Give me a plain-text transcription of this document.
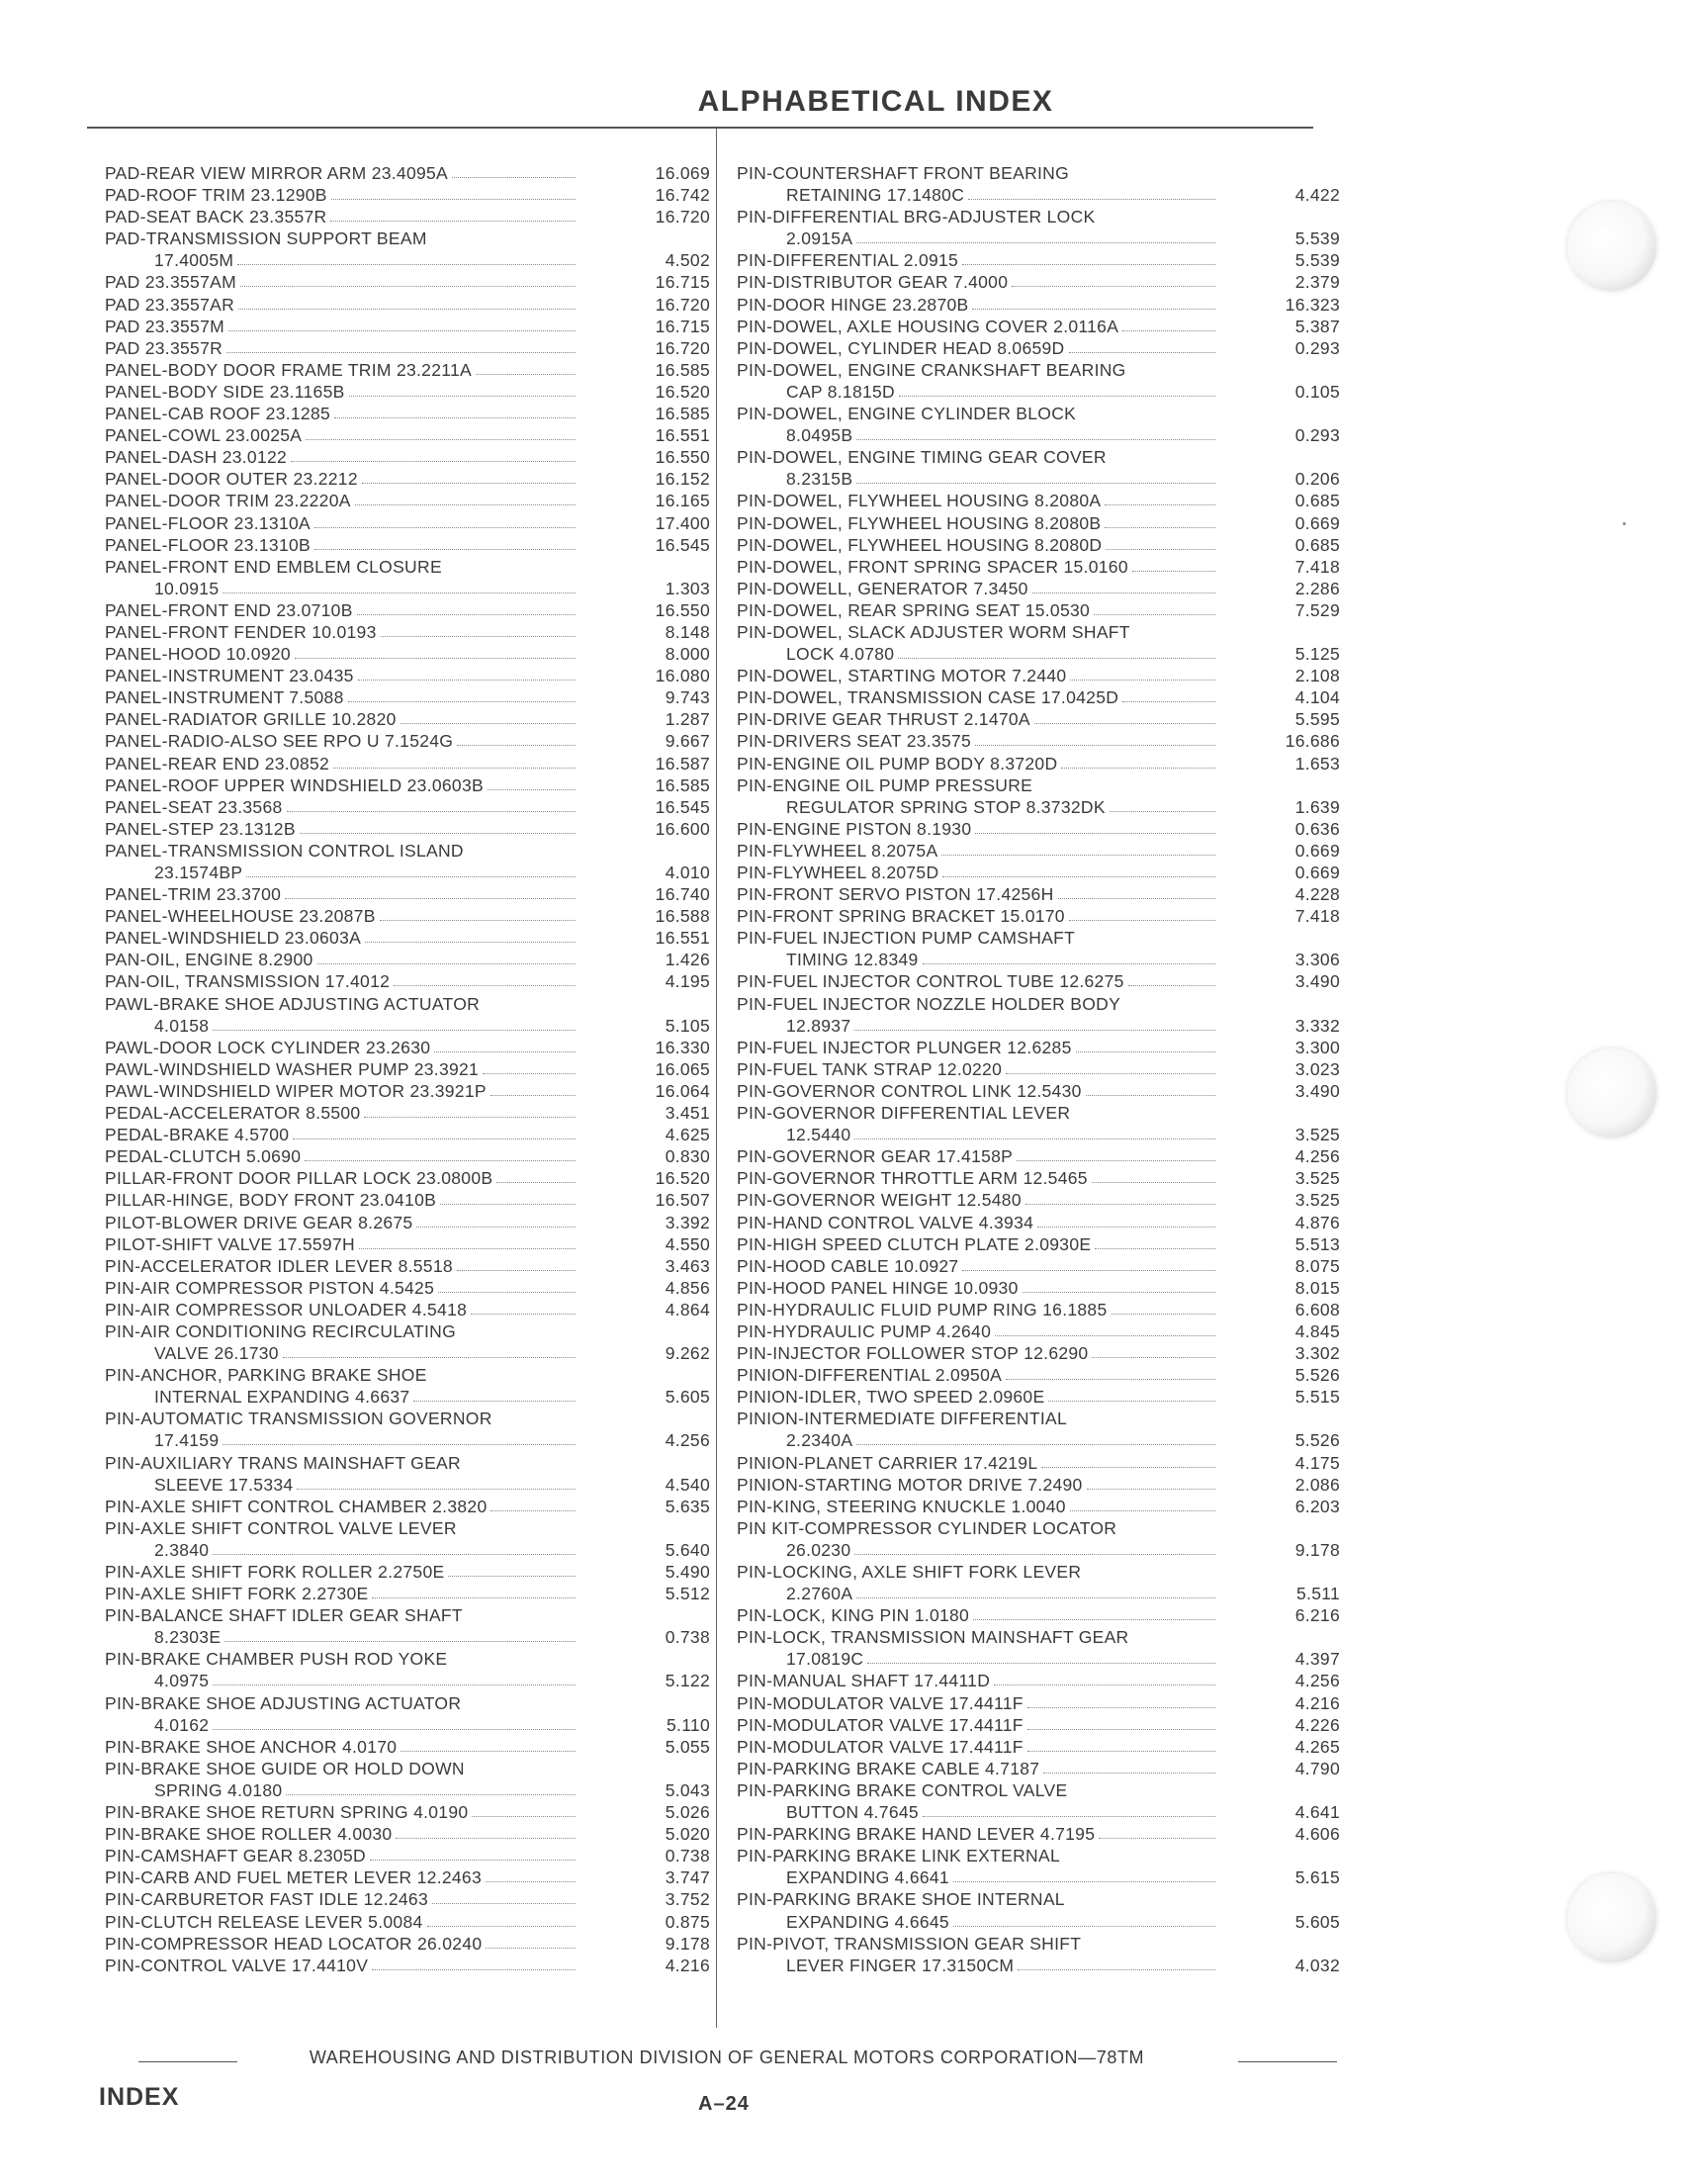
ALPHABETICAL INDEX
PAD-REAR VIEW MIRROR ARM 23.4095A	16.069
PAD-ROOF TRIM 23.1290B	16.742
PAD-SEAT BACK 23.3557R	16.720
PAD-TRANSMISSION SUPPORT BEAM
17.4005M	4.502
PAD 23.3557AM	16.715
PAD 23.3557AR	16.720
PAD 23.3557M	16.715
PAD 23.3557R	16.720
PANEL-BODY DOOR FRAME TRIM 23.2211A	16.585
PANEL-BODY SIDE 23.1165B	16.520
PANEL-CAB ROOF 23.1285	16.585
PANEL-COWL 23.0025A	16.551
PANEL-DASH 23.0122	16.550
PANEL-DOOR OUTER 23.2212	16.152
PANEL-DOOR TRIM 23.2220A	16.165
PANEL-FLOOR 23.1310A	17.400
PANEL-FLOOR 23.1310B	16.545
PANEL-FRONT END EMBLEM CLOSURE
10.0915	1.303
PANEL-FRONT END 23.0710B	16.550
PANEL-FRONT FENDER 10.0193	8.148
PANEL-HOOD 10.0920	8.000
PANEL-INSTRUMENT 23.0435	16.080
PANEL-INSTRUMENT 7.5088	9.743
PANEL-RADIATOR GRILLE 10.2820	1.287
PANEL-RADIO-ALSO SEE RPO U 7.1524G	9.667
PANEL-REAR END 23.0852	16.587
PANEL-ROOF UPPER WINDSHIELD 23.0603B	16.585
PANEL-SEAT 23.3568	16.545
PANEL-STEP 23.1312B	16.600
PANEL-TRANSMISSION CONTROL ISLAND
23.1574BP	4.010
PANEL-TRIM 23.3700	16.740
PANEL-WHEELHOUSE 23.2087B	16.588
PANEL-WINDSHIELD 23.0603A	16.551
PAN-OIL, ENGINE 8.2900	1.426
PAN-OIL, TRANSMISSION 17.4012	4.195
PAWL-BRAKE SHOE ADJUSTING ACTUATOR
4.0158	5.105
PAWL-DOOR LOCK CYLINDER 23.2630	16.330
PAWL-WINDSHIELD WASHER PUMP 23.3921	16.065
PAWL-WINDSHIELD WIPER MOTOR 23.3921P	16.064
PEDAL-ACCELERATOR 8.5500	3.451
PEDAL-BRAKE 4.5700	4.625
PEDAL-CLUTCH 5.0690	0.830
PILLAR-FRONT DOOR PILLAR LOCK 23.0800B	16.520
PILLAR-HINGE, BODY FRONT 23.0410B	16.507
PILOT-BLOWER DRIVE GEAR 8.2675	3.392
PILOT-SHIFT VALVE 17.5597H	4.550
PIN-ACCELERATOR IDLER LEVER 8.5518	3.463
PIN-AIR COMPRESSOR PISTON 4.5425	4.856
PIN-AIR COMPRESSOR UNLOADER 4.5418	4.864
PIN-AIR CONDITIONING RECIRCULATING
VALVE 26.1730	9.262
PIN-ANCHOR, PARKING BRAKE SHOE
INTERNAL EXPANDING 4.6637	5.605
PIN-AUTOMATIC TRANSMISSION GOVERNOR
17.4159	4.256
PIN-AUXILIARY TRANS MAINSHAFT GEAR
SLEEVE 17.5334	4.540
PIN-AXLE SHIFT CONTROL CHAMBER 2.3820	5.635
PIN-AXLE SHIFT CONTROL VALVE LEVER
2.3840	5.640
PIN-AXLE SHIFT FORK ROLLER 2.2750E	5.490
PIN-AXLE SHIFT FORK 2.2730E	5.512
PIN-BALANCE SHAFT IDLER GEAR SHAFT
8.2303E	0.738
PIN-BRAKE CHAMBER PUSH ROD YOKE
4.0975	5.122
PIN-BRAKE SHOE ADJUSTING ACTUATOR
4.0162	5.110
PIN-BRAKE SHOE ANCHOR 4.0170	5.055
PIN-BRAKE SHOE GUIDE OR HOLD DOWN
SPRING 4.0180	5.043
PIN-BRAKE SHOE RETURN SPRING 4.0190	5.026
PIN-BRAKE SHOE ROLLER 4.0030	5.020
PIN-CAMSHAFT GEAR 8.2305D	0.738
PIN-CARB AND FUEL METER LEVER 12.2463	3.747
PIN-CARBURETOR FAST IDLE 12.2463	3.752
PIN-CLUTCH RELEASE LEVER 5.0084	0.875
PIN-COMPRESSOR HEAD LOCATOR 26.0240	9.178
PIN-CONTROL VALVE 17.4410V	4.216
PIN-COUNTERSHAFT FRONT BEARING
RETAINING 17.1480C	4.422
PIN-DIFFERENTIAL BRG-ADJUSTER LOCK
2.0915A	5.539
PIN-DIFFERENTIAL 2.0915	5.539
PIN-DISTRIBUTOR GEAR 7.4000	2.379
PIN-DOOR HINGE 23.2870B	16.323
PIN-DOWEL, AXLE HOUSING COVER 2.0116A	5.387
PIN-DOWEL, CYLINDER HEAD 8.0659D	0.293
PIN-DOWEL, ENGINE CRANKSHAFT BEARING
CAP 8.1815D	0.105
PIN-DOWEL, ENGINE CYLINDER BLOCK
8.0495B	0.293
PIN-DOWEL, ENGINE TIMING GEAR COVER
8.2315B	0.206
PIN-DOWEL, FLYWHEEL HOUSING 8.2080A	0.685
PIN-DOWEL, FLYWHEEL HOUSING 8.2080B	0.669
PIN-DOWEL, FLYWHEEL HOUSING 8.2080D	0.685
PIN-DOWEL, FRONT SPRING SPACER 15.0160	7.418
PIN-DOWELL, GENERATOR 7.3450	2.286
PIN-DOWEL, REAR SPRING SEAT 15.0530	7.529
PIN-DOWEL, SLACK ADJUSTER WORM SHAFT
LOCK 4.0780	5.125
PIN-DOWEL, STARTING MOTOR 7.2440	2.108
PIN-DOWEL, TRANSMISSION CASE 17.0425D	4.104
PIN-DRIVE GEAR THRUST 2.1470A	5.595
PIN-DRIVERS SEAT 23.3575	16.686
PIN-ENGINE OIL PUMP BODY 8.3720D	1.653
PIN-ENGINE OIL PUMP PRESSURE
REGULATOR SPRING STOP 8.3732DK	1.639
PIN-ENGINE PISTON 8.1930	0.636
PIN-FLYWHEEL 8.2075A	0.669
PIN-FLYWHEEL 8.2075D	0.669
PIN-FRONT SERVO PISTON 17.4256H	4.228
PIN-FRONT SPRING BRACKET 15.0170	7.418
PIN-FUEL INJECTION PUMP CAMSHAFT
TIMING 12.8349	3.306
PIN-FUEL INJECTOR CONTROL TUBE 12.6275	3.490
PIN-FUEL INJECTOR NOZZLE HOLDER BODY
12.8937	3.332
PIN-FUEL INJECTOR PLUNGER 12.6285	3.300
PIN-FUEL TANK STRAP 12.0220	3.023
PIN-GOVERNOR CONTROL LINK 12.5430	3.490
PIN-GOVERNOR DIFFERENTIAL LEVER
12.5440	3.525
PIN-GOVERNOR GEAR 17.4158P	4.256
PIN-GOVERNOR THROTTLE ARM 12.5465	3.525
PIN-GOVERNOR WEIGHT 12.5480	3.525
PIN-HAND CONTROL VALVE 4.3934	4.876
PIN-HIGH SPEED CLUTCH PLATE 2.0930E	5.513
PIN-HOOD CABLE 10.0927	8.075
PIN-HOOD PANEL HINGE 10.0930	8.015
PIN-HYDRAULIC FLUID PUMP RING 16.1885	6.608
PIN-HYDRAULIC PUMP 4.2640	4.845
PIN-INJECTOR FOLLOWER STOP 12.6290	3.302
PINION-DIFFERENTIAL 2.0950A	5.526
PINION-IDLER, TWO SPEED 2.0960E	5.515
PINION-INTERMEDIATE DIFFERENTIAL
2.2340A	5.526
PINION-PLANET CARRIER 17.4219L	4.175
PINION-STARTING MOTOR DRIVE 7.2490	2.086
PIN-KING, STEERING KNUCKLE 1.0040	6.203
PIN KIT-COMPRESSOR CYLINDER LOCATOR
26.0230	9.178
PIN-LOCKING, AXLE SHIFT FORK LEVER
2.2760A	5.511
PIN-LOCK, KING PIN 1.0180	6.216
PIN-LOCK, TRANSMISSION MAINSHAFT GEAR
17.0819C	4.397
PIN-MANUAL SHAFT 17.4411D	4.256
PIN-MODULATOR VALVE 17.4411F	4.216
PIN-MODULATOR VALVE 17.4411F	4.226
PIN-MODULATOR VALVE 17.4411F	4.265
PIN-PARKING BRAKE CABLE 4.7187	4.790
PIN-PARKING BRAKE CONTROL VALVE
BUTTON 4.7645	4.641
PIN-PARKING BRAKE HAND LEVER 4.7195	4.606
PIN-PARKING BRAKE LINK EXTERNAL
EXPANDING 4.6641	5.615
PIN-PARKING BRAKE SHOE INTERNAL
EXPANDING 4.6645	5.605
PIN-PIVOT, TRANSMISSION GEAR SHIFT
LEVER FINGER 17.3150CM	4.032
WAREHOUSING AND DISTRIBUTION DIVISION OF GENERAL MOTORS CORPORATION—78TM
INDEX	A–24
